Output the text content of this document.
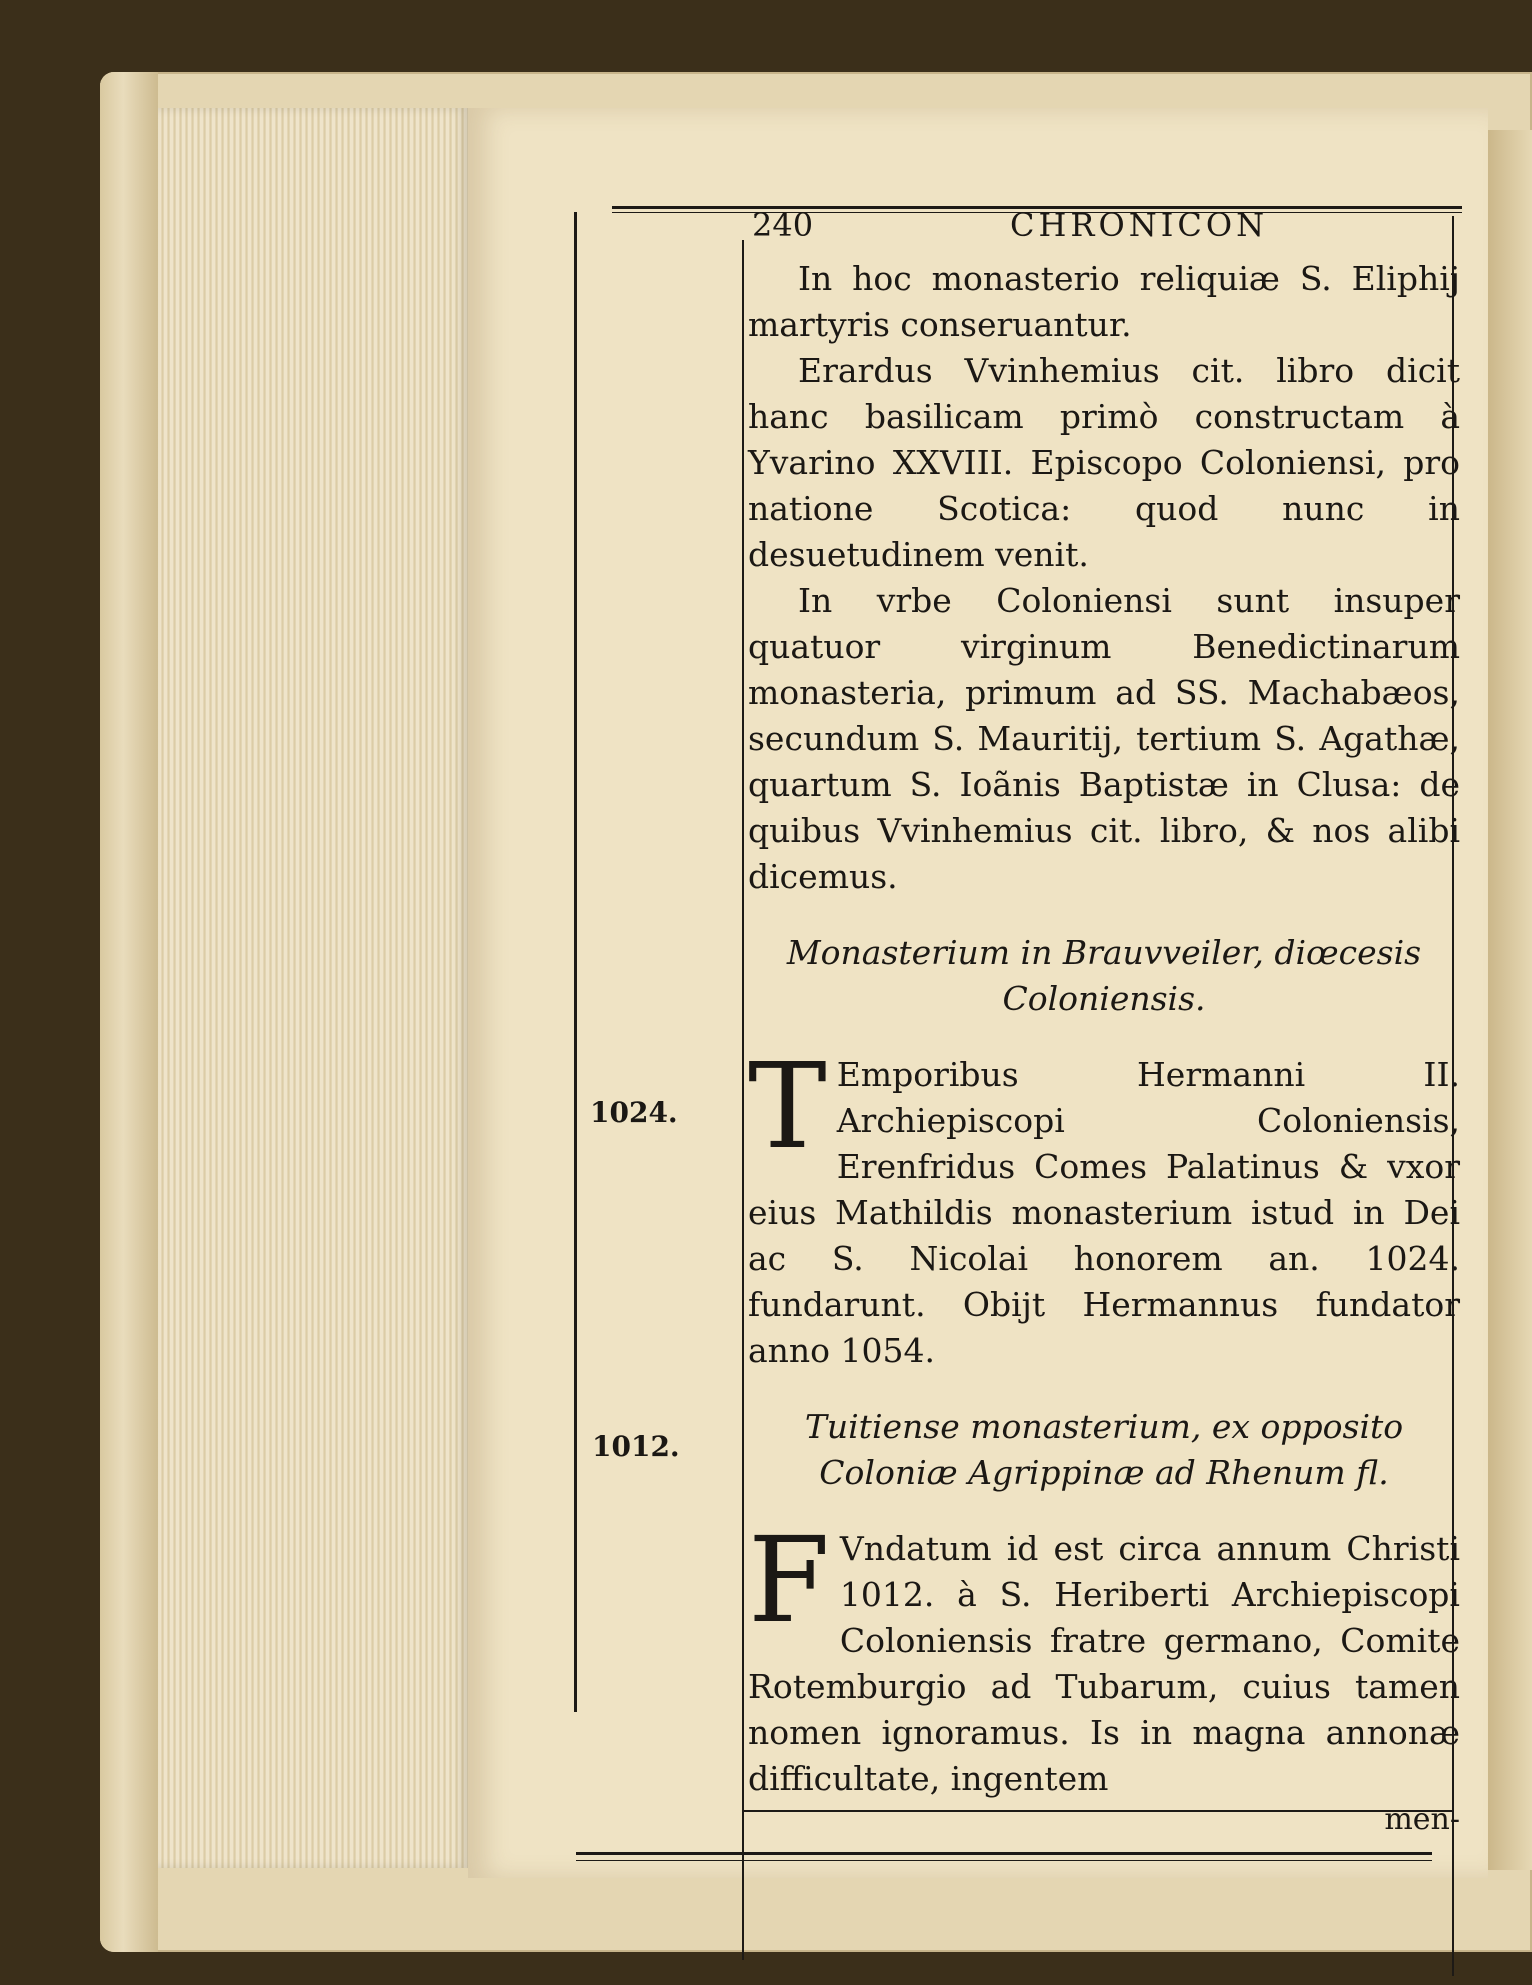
240	CHRONICON

In hoc monasterio reliquiæ S. Eliphij martyris conseruantur.

Erardus Vvinhemius cit. libro dicit hanc basilicam primò constructam à Yvarino XXVIII. Episcopo Coloniensi, pro natione Scotica: quod nunc in desuetudinem venit.

In vrbe Coloniensi sunt insuper quatuor virginum Benedictinarum monasteria, primum ad SS. Machabæos, secundum S. Mauritij, tertium S. Agathæ, quartum S. Ioãnis Baptistæ in Clusa: de quibus Vvinhemius cit. libro, & nos alibi dicemus.

Monasterium in Brauvveiler, diœcesis Coloniensis.

T Emporibus Hermanni II. Archiepiscopi Coloniensis, Erenfridus Comes Palatinus & vxor eius Mathildis monasterium istud in Dei ac S. Nicolai honorem an. 1024. fundarunt. Obijt Hermannus fundator anno 1054.

Tuitiense monasterium, ex opposito Coloniæ Agrippinæ ad Rhenum fl.

F Vndatum id est circa annum Christi 1012. à S. Heriberti Archiepiscopi Coloniensis fratre germano, Comite Rotemburgio ad Tubarum, cuius tamen nomen ignoramus. Is in magna annonæ difficultate, ingentem

men-

1024.
1012.
